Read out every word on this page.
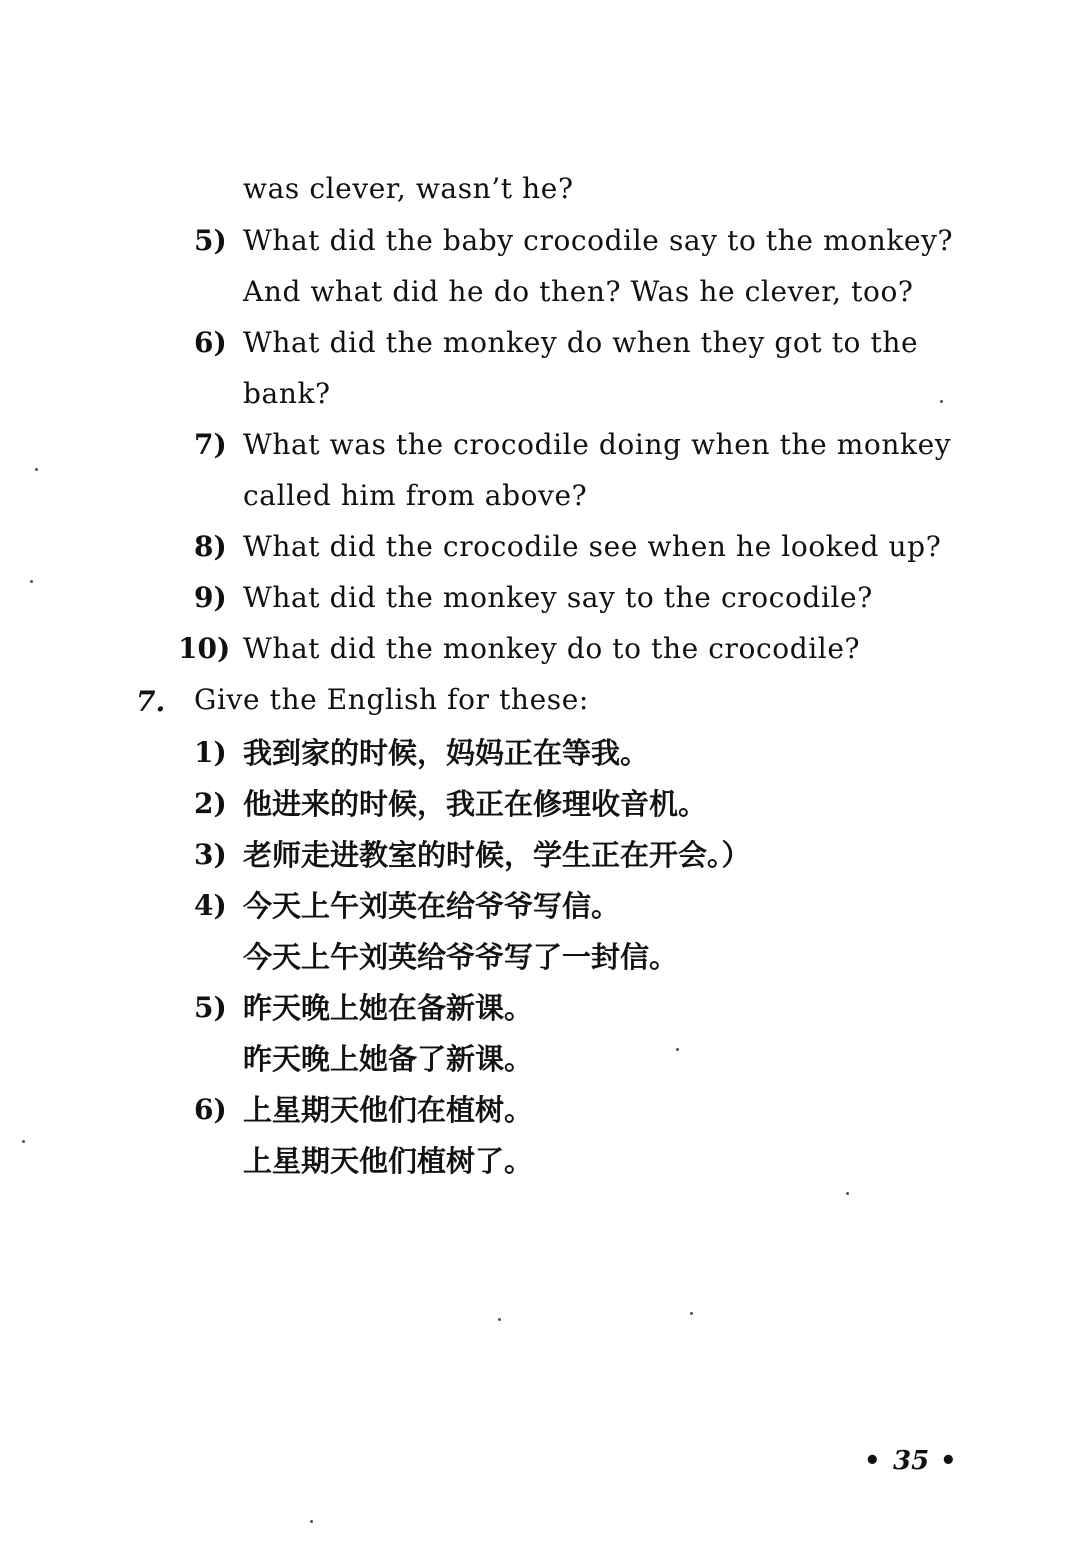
was clever, wasn’t he?
5) What did the baby crocodile say to the monkey?
And what did he do then? Was he clever, too?
6) What did the monkey do when they got to the
bank?
7) What was the crocodile doing when the monkey
called him from above?
8) What did the crocodile see when he looked up?
9) What did the monkey say to the crocodile?
10) What did the monkey do to the crocodile?
7. Give the English for these:
1) 我到家的时候，妈妈正在等我。
2) 他进来的时候，我正在修理收音机。
3) 老师走进教室的时候，学生正在开会。）
4) 今天上午刘英在给爷爷写信。
今天上午刘英给爷爷写了一封信。
5) 昨天晚上她在备新课。
昨天晚上她备了新课。
6) 上星期天他们在植树。
上星期天他们植树了。
• 35 •
